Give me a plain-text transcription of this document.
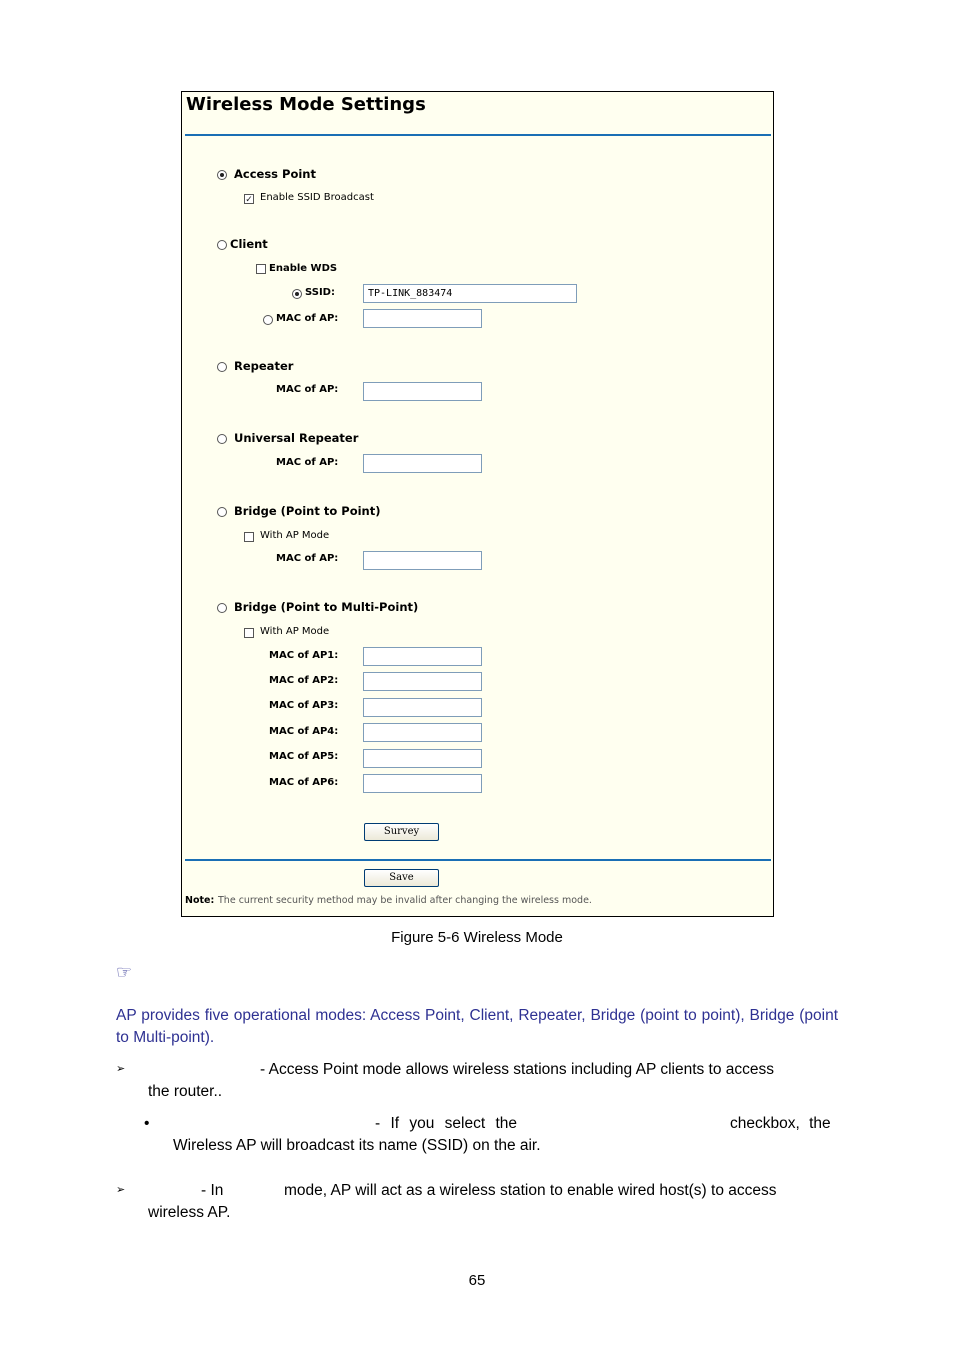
Wireless Mode Settings
Access Point
✓ Enable SSID Broadcast
Client
Enable WDS
SSID:	TP-LINK_883474
MAC of AP:
Repeater
MAC of AP:
Universal Repeater
MAC of AP:
Bridge (Point to Point)
With AP Mode
MAC of AP:
Bridge (Point to Multi-Point)
With AP Mode
MAC of AP1:
MAC of AP2:
MAC of AP3:
MAC of AP4:
MAC of AP5:
MAC of AP6:
Survey
Save
Note: The current security method may be invalid after changing the wireless mode.
Figure 5-6 Wireless Mode
☞
AP provides five operational modes: Access Point, Client, Repeater, Bridge (point to point), Bridge (point to Multi-point).
➢	- Access Point mode allows wireless stations including AP clients to access
the router..
•	- If you select the	checkbox, the
Wireless AP will broadcast its name (SSID) on the air.
➢	- In	mode, AP will act as a wireless station to enable wired host(s) to access
wireless AP.
65
